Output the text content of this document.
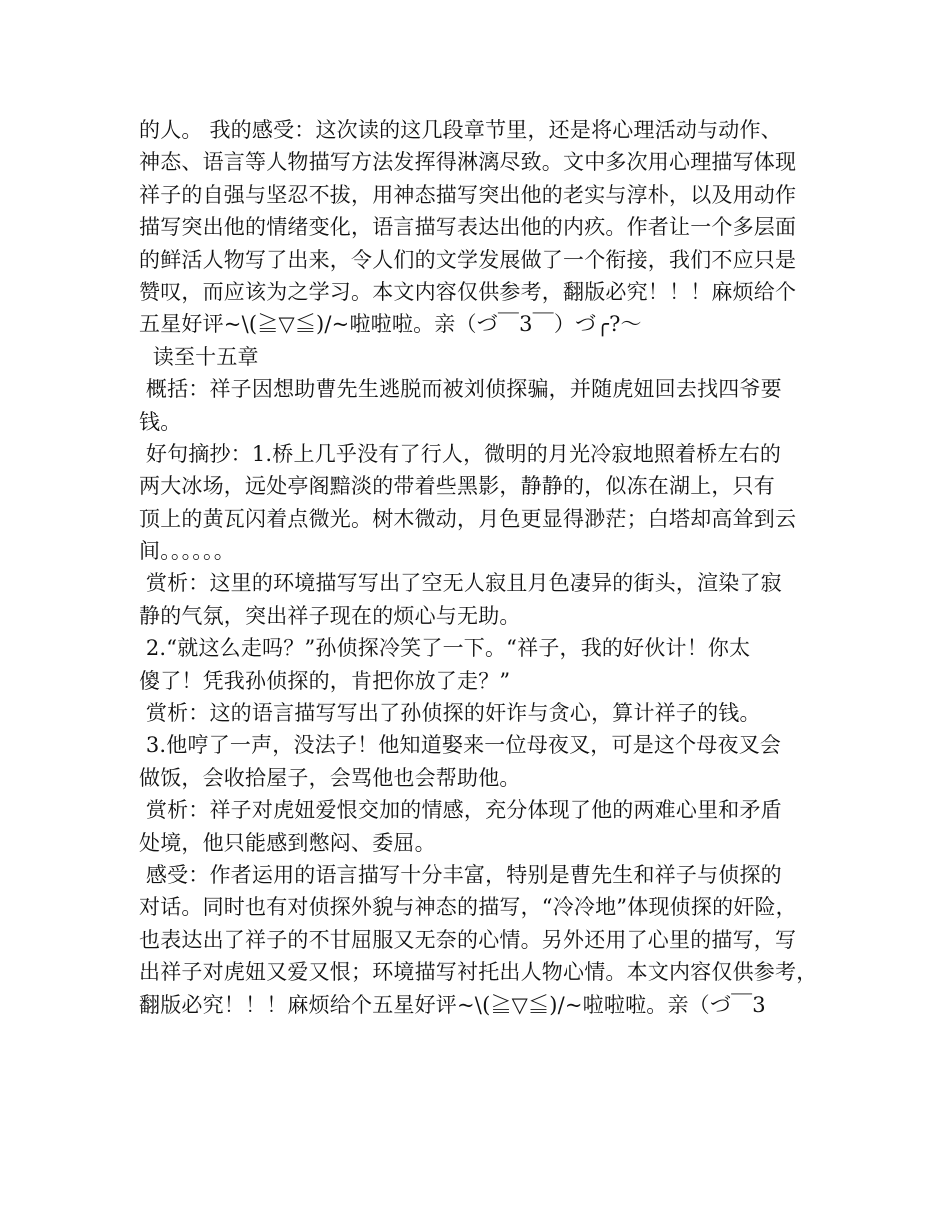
的人。 我的感受：这次读的这几段章节里，还是将心理活动与动作、
神态、语言等人物描写方法发挥得淋漓尽致。文中多次用心理描写体现
祥子的自强与坚忍不拔，用神态描写突出他的老实与淳朴，以及用动作
描写突出他的情绪变化，语言描写表达出他的内疚。作者让一个多层面
的鲜活人物写了出来，令人们的文学发展做了一个衔接，我们不应只是
赞叹，而应该为之学习。本文内容仅供参考，翻版必究！！！麻烦给个
五星好评~\(≧▽≦)/~啦啦啦。亲（づ￣3￣）づ╭?～
读至十五章
概括：祥子因想助曹先生逃脱而被刘侦探骗，并随虎妞回去找四爷要
钱。
好句摘抄：1.桥上几乎没有了行人，微明的月光冷寂地照着桥左右的
两大冰场，远处亭阁黯淡的带着些黑影，静静的，似冻在湖上，只有
顶上的黄瓦闪着点微光。树木微动，月色更显得渺茫；白塔却高耸到云
间。。。。。。
赏析：这里的环境描写写出了空无人寂且月色凄异的街头，渲染了寂
静的气氛，突出祥子现在的烦心与无助。
2.“就这么走吗？”孙侦探冷笑了一下。“祥子，我的好伙计！你太
傻了！凭我孙侦探的，肯把你放了走？”
赏析：这的语言描写写出了孙侦探的奸诈与贪心，算计祥子的钱。
3.他哼了一声，没法子！他知道娶来一位母夜叉，可是这个母夜叉会
做饭，会收拾屋子，会骂他也会帮助他。
赏析：祥子对虎妞爱恨交加的情感，充分体现了他的两难心里和矛盾
处境，他只能感到憋闷、委屈。
感受：作者运用的语言描写十分丰富，特别是曹先生和祥子与侦探的
对话。同时也有对侦探外貌与神态的描写，“冷冷地”体现侦探的奸险，
也表达出了祥子的不甘屈服又无奈的心情。另外还用了心里的描写，写
出祥子对虎妞又爱又恨；环境描写衬托出人物心情。本文内容仅供参考，
翻版必究！！！麻烦给个五星好评~\(≧▽≦)/~啦啦啦。亲（づ￣3
